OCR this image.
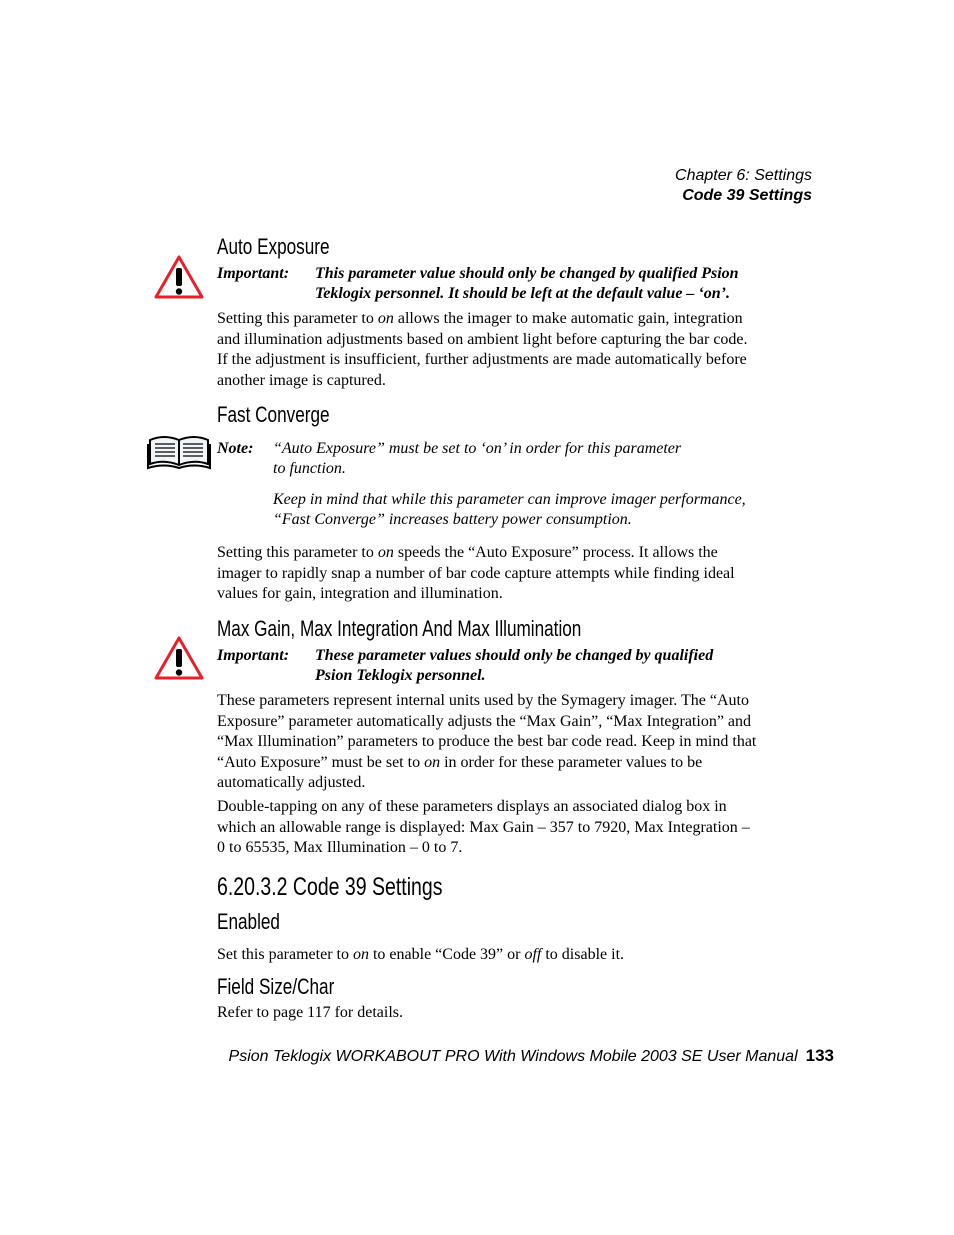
Chapter 6: Settings
Code 39 Settings
Auto Exposure
Important: This parameter value should only be changed by qualified Psion
Teklogix personnel. It should be left at the default value – ‘on’.

Setting this parameter to on allows the imager to make automatic gain, integration

and illumination adjustments based on ambient light before capturing the bar code.

If the adjustment is insufficient, further adjustments are made automatically before

another image is captured.

Fast Converge
Note: “Auto Exposure” must be set to ‘on’ in order for this parameter
to function.
Keep in mind that while this parameter can improve imager performance,
“Fast Converge” increases battery power consumption.

Setting this parameter to on speeds the “Auto Exposure” process. It allows the

imager to rapidly snap a number of bar code capture attempts while finding ideal

values for gain, integration and illumination.

Max Gain, Max Integration And Max Illumination
Important: These parameter values should only be changed by qualified
Psion Teklogix personnel.

These parameters represent internal units used by the Symagery imager. The “Auto

Exposure” parameter automatically adjusts the “Max Gain”, “Max Integration” and

“Max Illumination” parameters to produce the best bar code read. Keep in mind that

“Auto Exposure” must be set to on in order for these parameter values to be

automatically adjusted.

Double-tapping on any of these parameters displays an associated dialog box in

which an allowable range is displayed: Max Gain – 357 to 7920, Max Integration –

0 to 65535, Max Illumination – 0 to 7.

6.20.3.2 Code 39 Settings
Enabled

Set this parameter to on to enable “Code 39” or off to disable it.

Field Size/Char

Refer to page 117 for details.

Psion Teklogix WORKABOUT PRO With Windows Mobile 2003 SE User Manual 133
